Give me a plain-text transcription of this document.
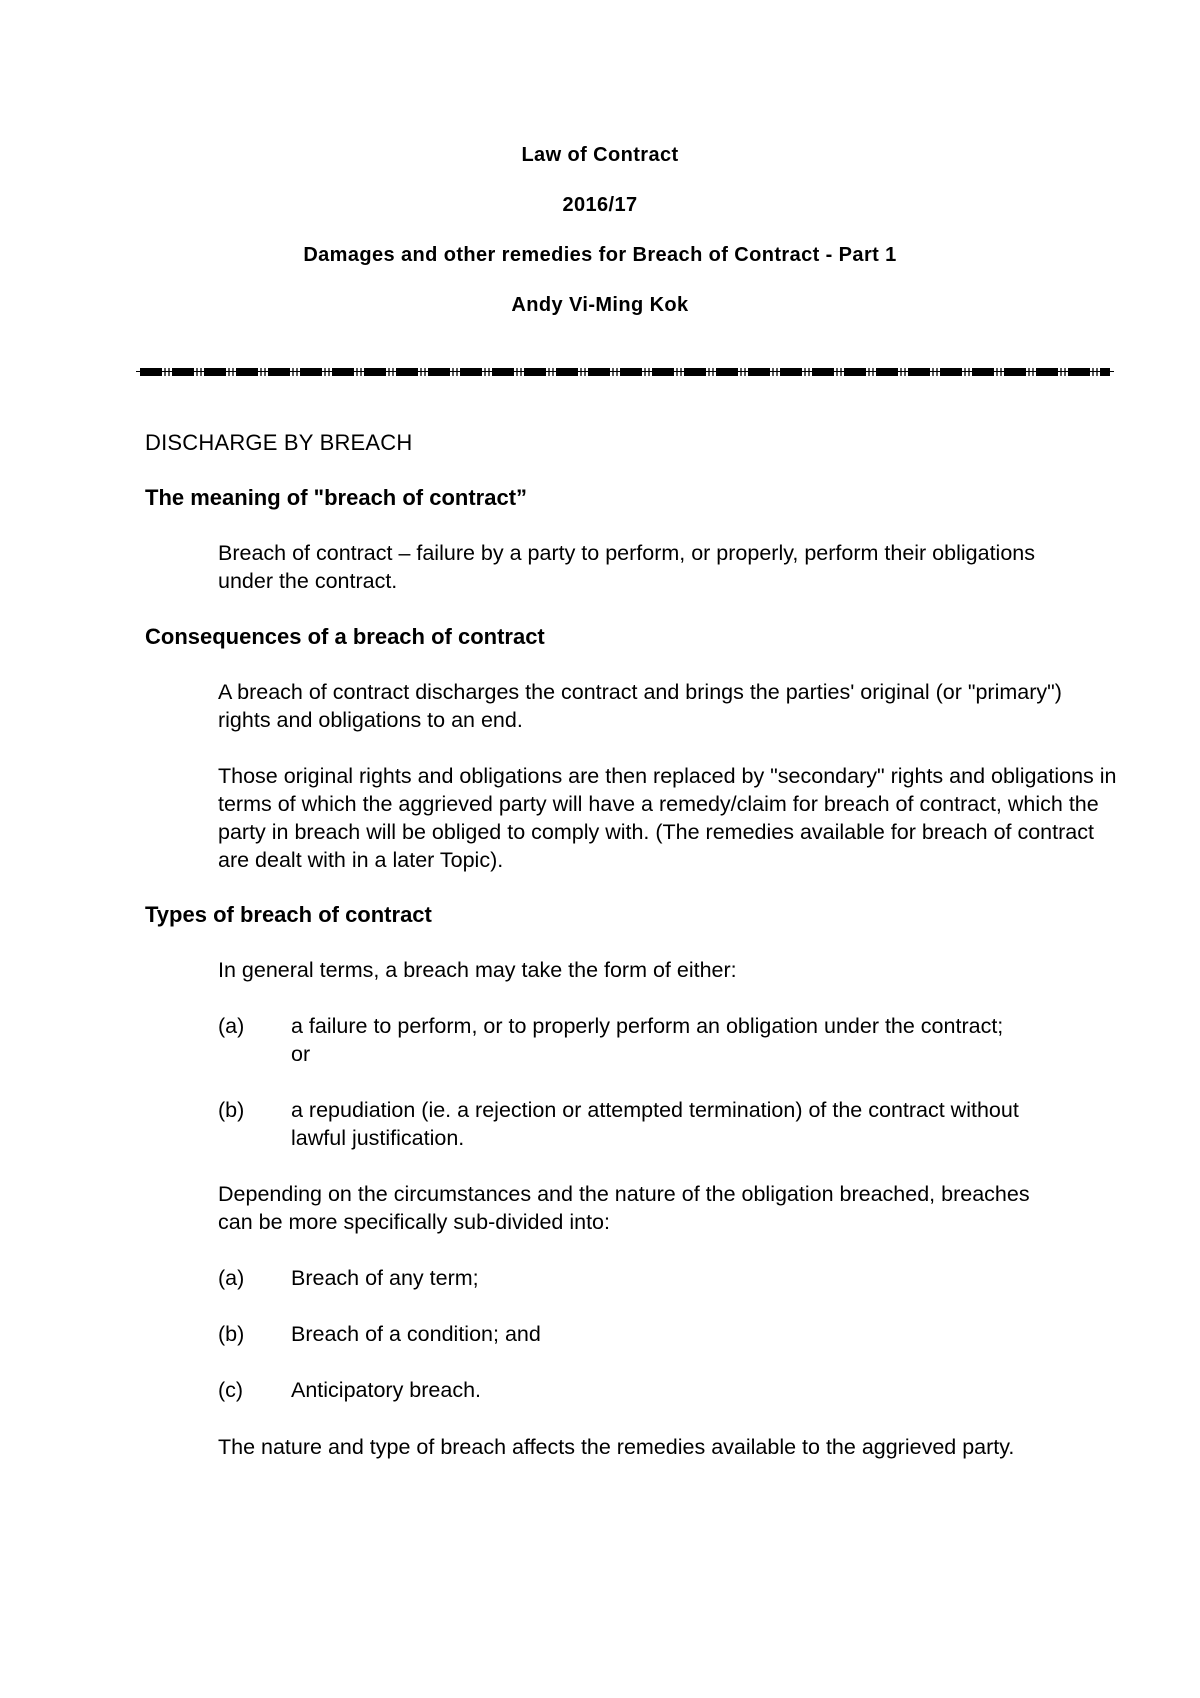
Law of Contract
2016/17
Damages and other remedies for Breach of Contract - Part 1
Andy Vi-Ming Kok
DISCHARGE BY BREACH
The meaning of "breach of contract”
Breach of contract – failure by a party to perform, or properly, perform their obligations under the contract.
Consequences of a breach of contract
A breach of contract discharges the contract and brings the parties' original (or "primary") rights and obligations to an end.
Those original rights and obligations are then replaced by "secondary" rights and obligations in terms of which the aggrieved party will have a remedy/claim for breach of contract, which the party in breach will be obliged to comply with. (The remedies available for breach of contract are dealt with in a later Topic).
Types of breach of contract
In general terms, a breach may take the form of either:
(a) a failure to perform, or to properly perform an obligation under the contract; or
(b) a repudiation (ie. a rejection or attempted termination) of the contract without lawful justification.
Depending on the circumstances and the nature of the obligation breached, breaches can be more specifically sub-divided into:
(a) Breach of any term;
(b) Breach of a condition; and
(c) Anticipatory breach.
The nature and type of breach affects the remedies available to the aggrieved party.
